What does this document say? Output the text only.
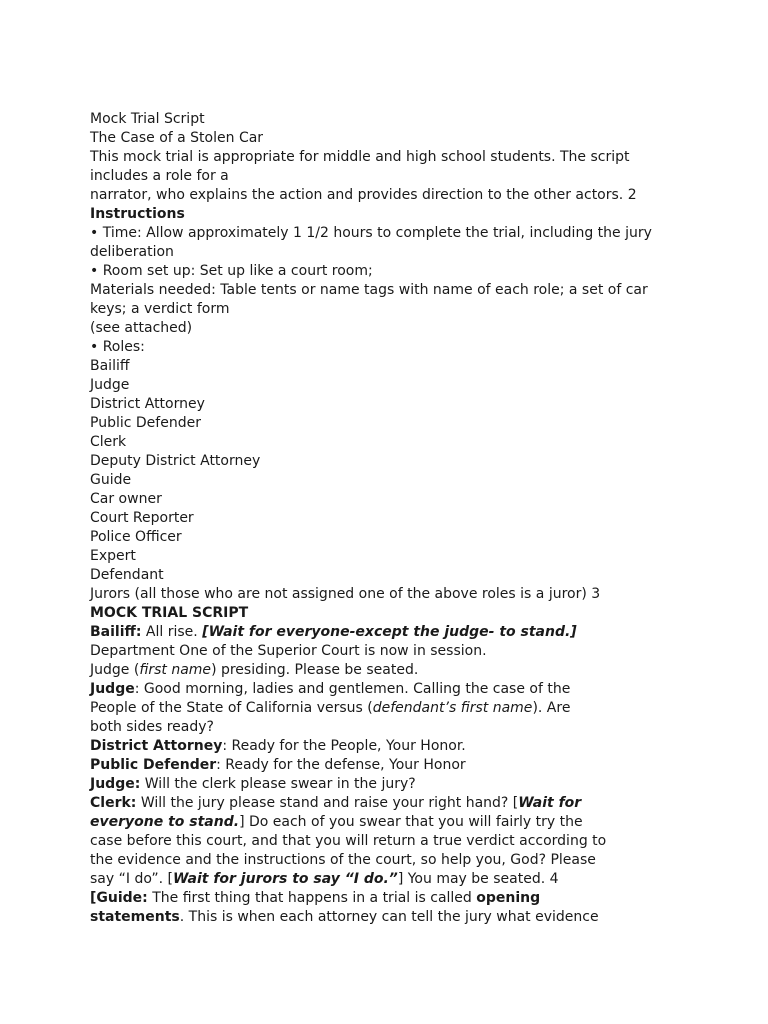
Mock Trial Script
The Case of a Stolen Car
This mock trial is appropriate for middle and high school students. The script
includes a role for a
narrator, who explains the action and provides direction to the other actors. 2
Instructions
• Time: Allow approximately 1 1/2 hours to complete the trial, including the jury
deliberation
• Room set up: Set up like a court room;
Materials needed: Table tents or name tags with name of each role; a set of car
keys; a verdict form
(see attached)
• Roles:
Bailiff
Judge
District Attorney
Public Defender
Clerk
Deputy District Attorney
Guide
Car owner
Court Reporter
Police Officer
Expert
Defendant
Jurors (all those who are not assigned one of the above roles is a juror) 3
MOCK TRIAL SCRIPT
Bailiff: All rise. [Wait for everyone-except the judge- to stand.]
Department One of the Superior Court is now in session.
Judge (first name) presiding. Please be seated.
Judge: Good morning, ladies and gentlemen. Calling the case of the
People of the State of California versus (defendant’s first name). Are
both sides ready?
District Attorney: Ready for the People, Your Honor.
Public Defender: Ready for the defense, Your Honor
Judge: Will the clerk please swear in the jury?
Clerk: Will the jury please stand and raise your right hand? [Wait for
everyone to stand.] Do each of you swear that you will fairly try the
case before this court, and that you will return a true verdict according to
the evidence and the instructions of the court, so help you, God? Please
say “I do”. [Wait for jurors to say “I do.”] You may be seated. 4
[Guide: The first thing that happens in a trial is called opening
statements. This is when each attorney can tell the jury what evidence
